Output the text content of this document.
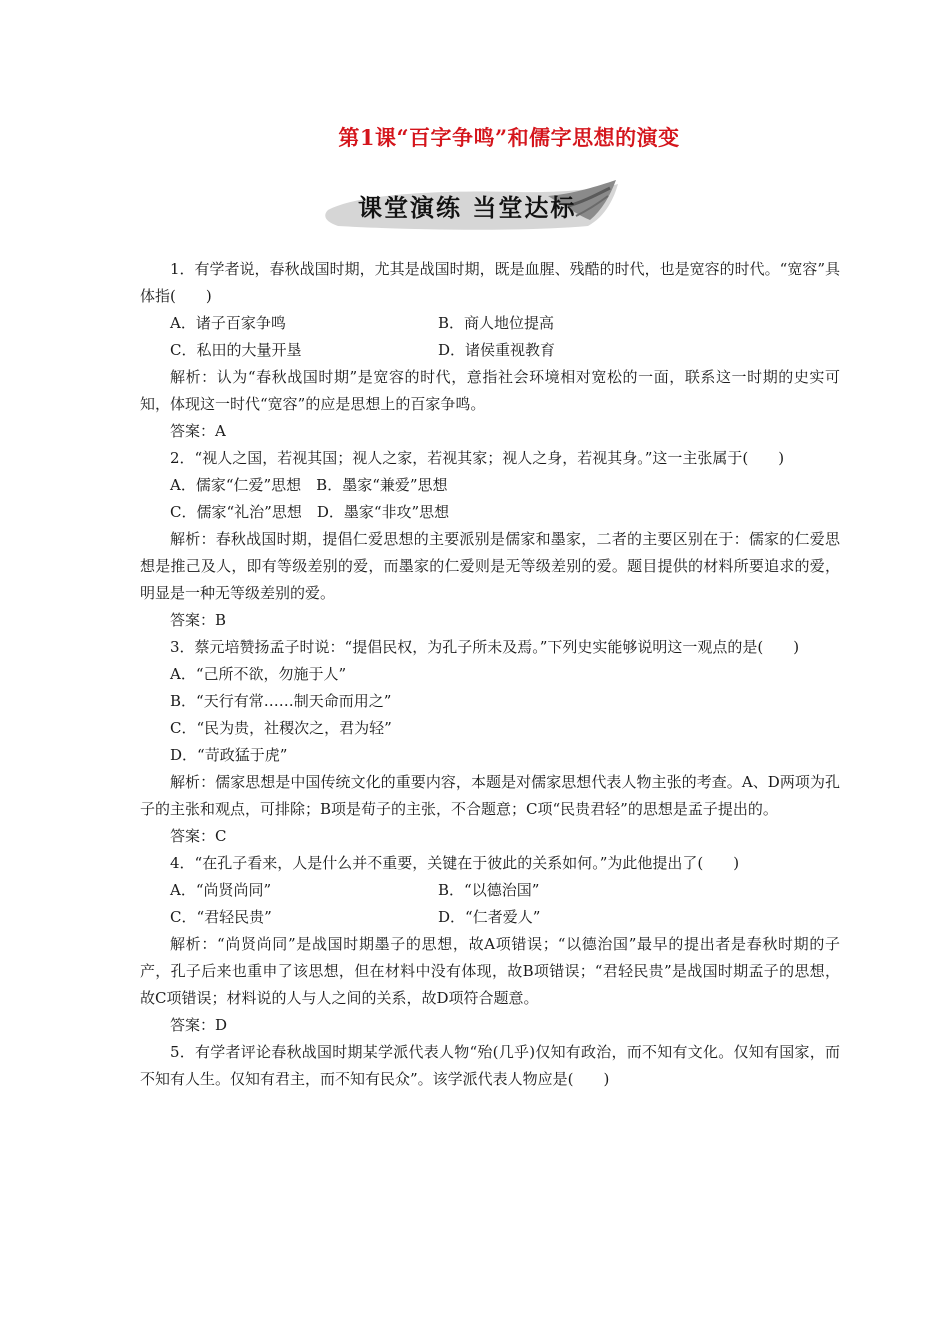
第1课“百字争鸣”和儒字思想的演变
课堂演练 当堂达标

1．有学者说，春秋战国时期，尤其是战国时期，既是血腥、残酷的时代，也是宽容的时代。“宽容”具体指(　　)

A．诸子百家争鸣	B．商人地位提高
C．私田的大量开垦	D．诸侯重视教育

解析：认为“春秋战国时期”是宽容的时代，意指社会环境相对宽松的一面，联系这一时期的史实可知，体现这一时代“宽容”的应是思想上的百家争鸣。

答案：A

2．“视人之国，若视其国；视人之家，若视其家；视人之身，若视其身。”这一主张属于(　　)

A．儒家“仁爱”思想　B．墨家“兼爱”思想

C．儒家“礼治”思想　D．墨家“非攻”思想

解析：春秋战国时期，提倡仁爱思想的主要派别是儒家和墨家，二者的主要区别在于：儒家的仁爱思想是推己及人，即有等级差别的爱，而墨家的仁爱则是无等级差别的爱。题目提供的材料所要追求的爱，明显是一种无等级差别的爱。

答案：B

3．蔡元培赞扬孟子时说：“提倡民权，为孔子所未及焉。”下列史实能够说明这一观点的是(　　)

A．“己所不欲，勿施于人”

B．“天行有常……制天命而用之”

C．“民为贵，社稷次之，君为轻”

D．“苛政猛于虎”

解析：儒家思想是中国传统文化的重要内容，本题是对儒家思想代表人物主张的考查。A、D两项为孔子的主张和观点，可排除；B项是荀子的主张，不合题意；C项“民贵君轻”的思想是孟子提出的。

答案：C

4．“在孔子看来，人是什么并不重要，关键在于彼此的关系如何。”为此他提出了(　　)

A．“尚贤尚同”	B．“以德治国”
C．“君轻民贵”	D．“仁者爱人”

解析：“尚贤尚同”是战国时期墨子的思想，故A项错误；“以德治国”最早的提出者是春秋时期的子产，孔子后来也重申了该思想，但在材料中没有体现，故B项错误；“君轻民贵”是战国时期孟子的思想，故C项错误；材料说的人与人之间的关系，故D项符合题意。

答案：D

5．有学者评论春秋战国时期某学派代表人物“殆(几乎)仅知有政治，而不知有文化。仅知有国家，而不知有人生。仅知有君主，而不知有民众”。该学派代表人物应是(　　)
